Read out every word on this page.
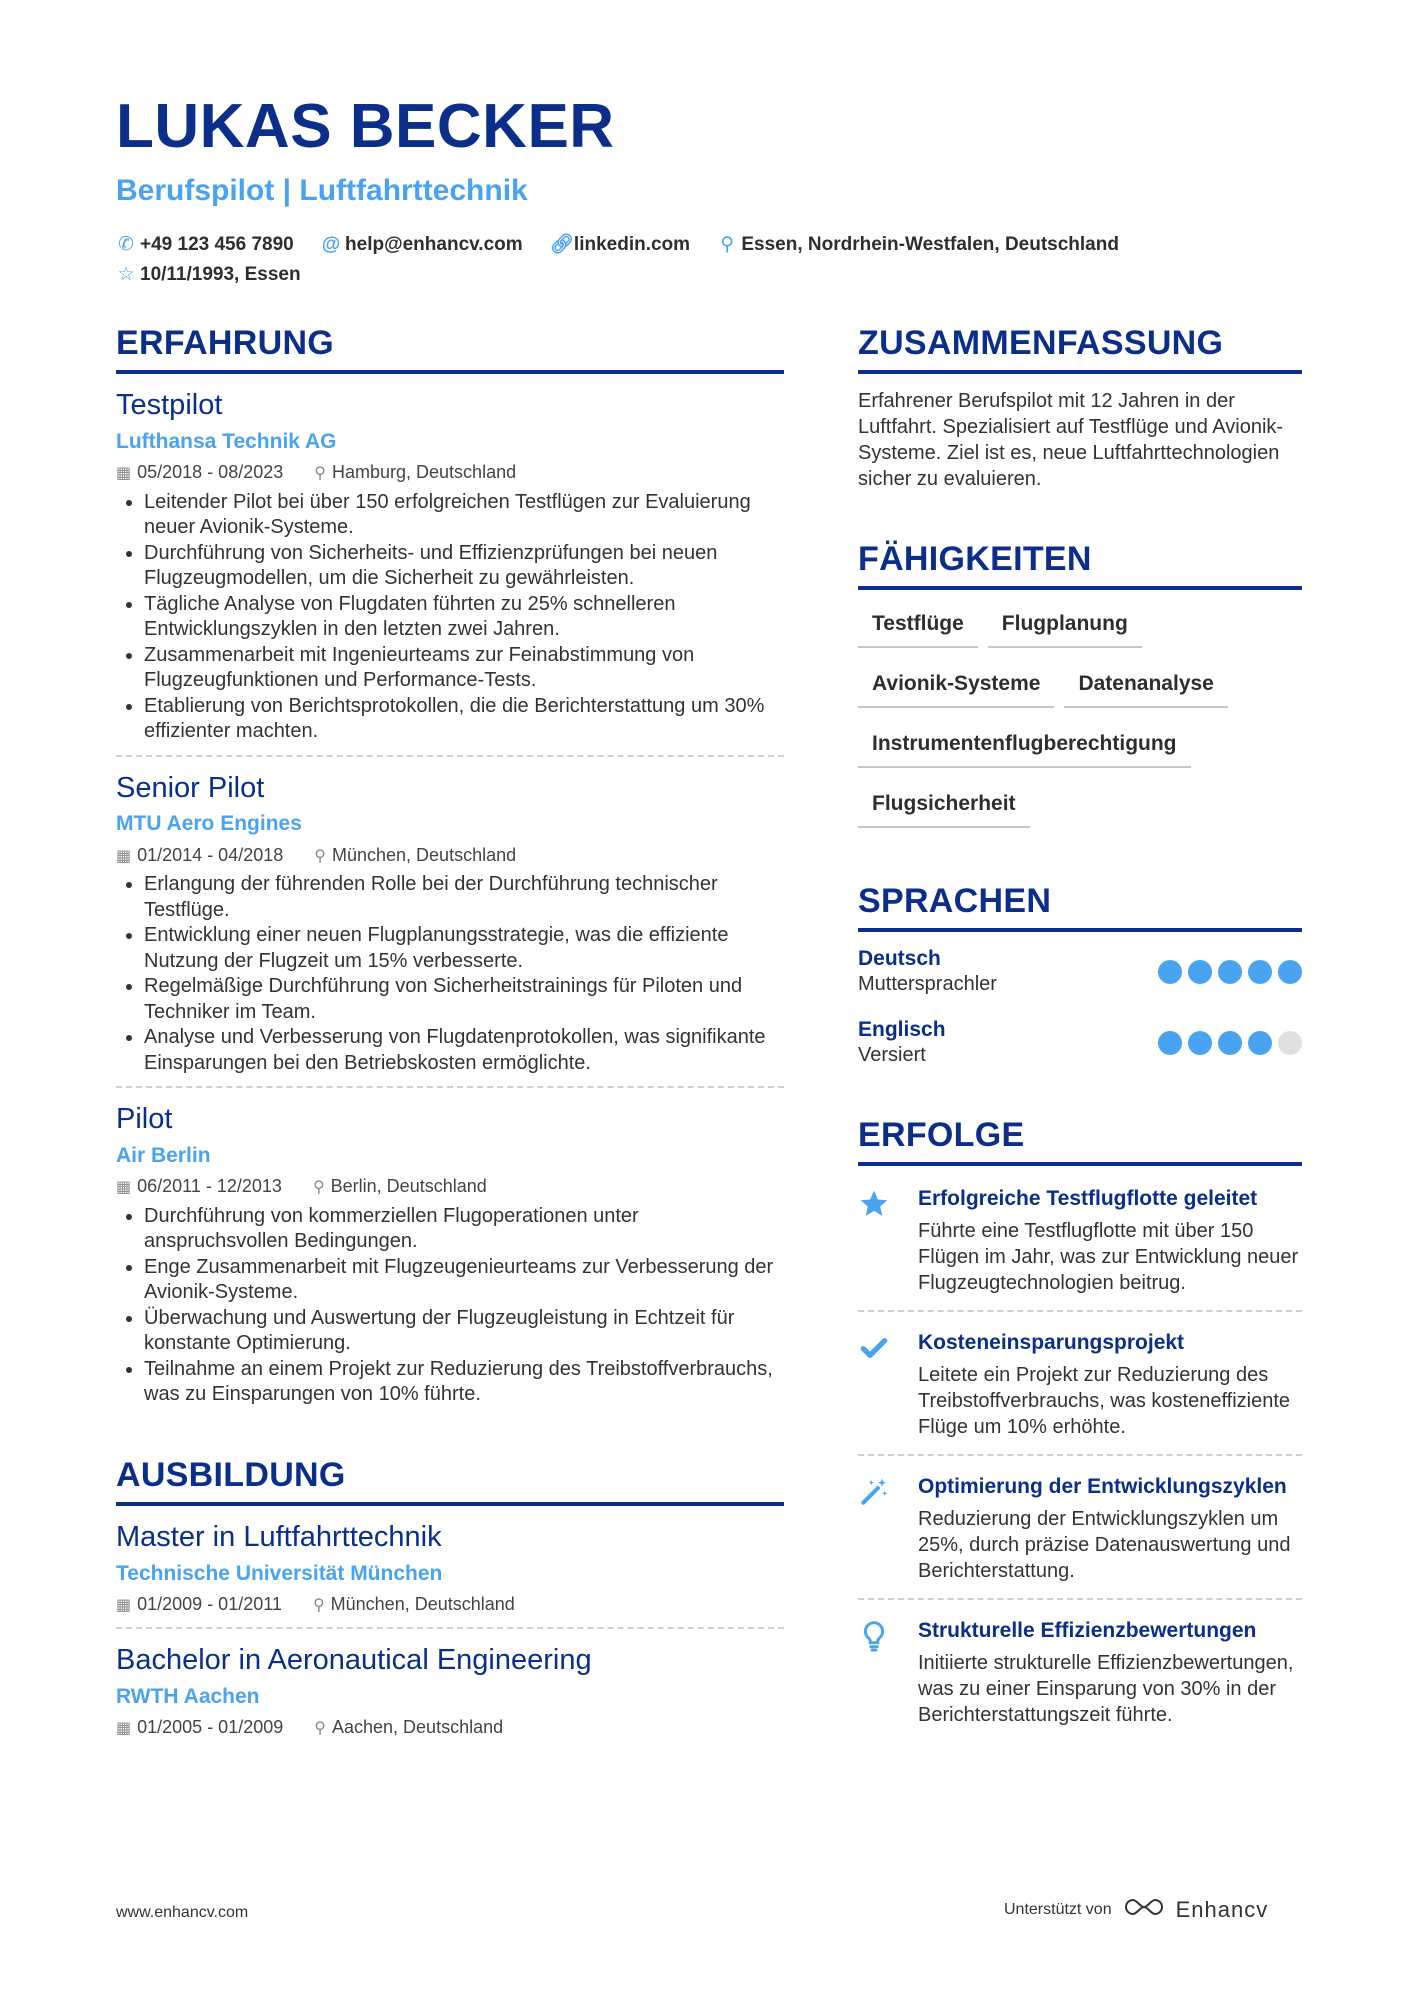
LUKAS BECKER
Berufspilot | Luftfahrttechnik
✆ +49 123 456 7890 @ help@enhancv.com 🔗︎linkedin.com ⚲ Essen, Nordrhein-Westfalen, Deutschland
☆ 10/11/1993, Essen
ERFAHRUNG
Testpilot
Lufthansa Technik AG
▦ 05/2018 - 08/2023 ⚲ Hamburg, Deutschland
• Leitender Pilot bei über 150 erfolgreichen Testflügen zur Evaluierung neuer Avionik-Systeme.
• Durchführung von Sicherheits- und Effizienzprüfungen bei neuen Flugzeugmodellen, um die Sicherheit zu gewährleisten.
• Tägliche Analyse von Flugdaten führten zu 25% schnelleren Entwicklungszyklen in den letzten zwei Jahren.
• Zusammenarbeit mit Ingenieurteams zur Feinabstimmung von Flugzeugfunktionen und Performance-Tests.
• Etablierung von Berichtsprotokollen, die die Berichterstattung um 30% effizienter machten.
Senior Pilot
MTU Aero Engines
▦ 01/2014 - 04/2018 ⚲ München, Deutschland
• Erlangung der führenden Rolle bei der Durchführung technischer Testflüge.
• Entwicklung einer neuen Flugplanungsstrategie, was die effiziente Nutzung der Flugzeit um 15% verbesserte.
• Regelmäßige Durchführung von Sicherheitstrainings für Piloten und Techniker im Team.
• Analyse und Verbesserung von Flugdatenprotokollen, was signifikante Einsparungen bei den Betriebskosten ermöglichte.
Pilot
Air Berlin
▦ 06/2011 - 12/2013 ⚲ Berlin, Deutschland
• Durchführung von kommerziellen Flugoperationen unter anspruchsvollen Bedingungen.
• Enge Zusammenarbeit mit Flugzeugenieurteams zur Verbesserung der Avionik-Systeme.
• Überwachung und Auswertung der Flugzeugleistung in Echtzeit für konstante Optimierung.
• Teilnahme an einem Projekt zur Reduzierung des Treibstoffverbrauchs, was zu Einsparungen von 10% führte.
AUSBILDUNG
Master in Luftfahrttechnik
Technische Universität München
▦ 01/2009 - 01/2011 ⚲ München, Deutschland
Bachelor in Aeronautical Engineering
RWTH Aachen
▦ 01/2005 - 01/2009 ⚲ Aachen, Deutschland
ZUSAMMENFASSUNG
Erfahrener Berufspilot mit 12 Jahren in der Luftfahrt. Spezialisiert auf Testflüge und Avionik-Systeme. Ziel ist es, neue Luftfahrttechnologien sicher zu evaluieren.
FÄHIGKEITEN
Testflüge Flugplanung
Avionik-Systeme Datenanalyse
Instrumentenflugberechtigung
Flugsicherheit
SPRACHEN
Deutsch
Muttersprachler
Englisch
Versiert
ERFOLGE
Erfolgreiche Testflugflotte geleitet
Führte eine Testflugflotte mit über 150 Flügen im Jahr, was zur Entwicklung neuer Flugzeugtechnologien beitrug.
Kosteneinsparungsprojekt
Leitete ein Projekt zur Reduzierung des Treibstoffverbrauchs, was kosteneffiziente Flüge um 10% erhöhte.
Optimierung der Entwicklungszyklen
Reduzierung der Entwicklungszyklen um 25%, durch präzise Datenauswertung und Berichterstattung.
Strukturelle Effizienzbewertungen
Initiierte strukturelle Effizienzbewertungen, was zu einer Einsparung von 30% in der Berichterstattungszeit führte.
www.enhancv.com	Unterstützt von	Enhancv
